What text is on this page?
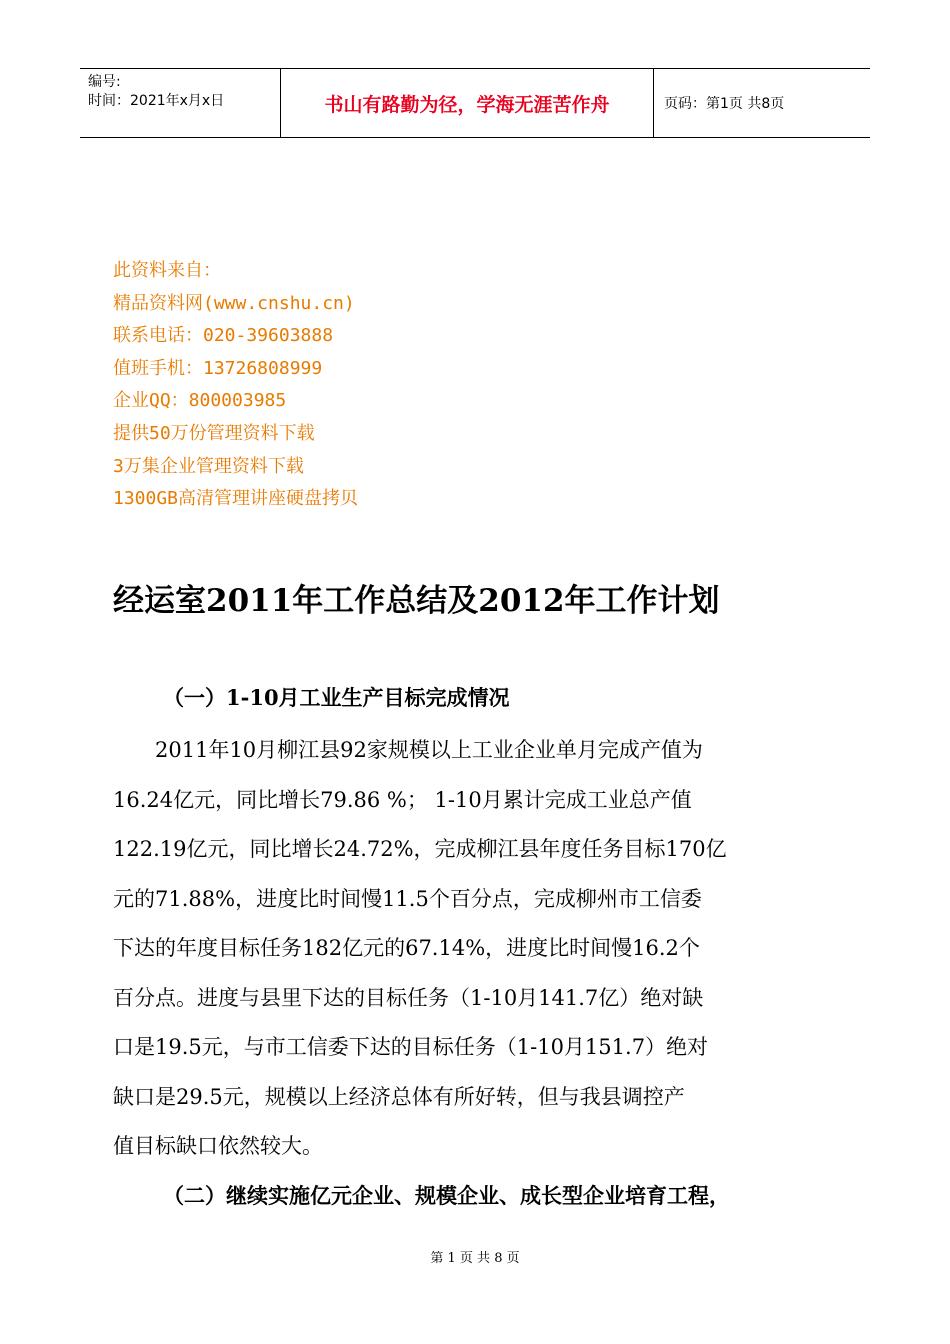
编号:
时间：2021年x月x日	书山有路勤为径，学海无涯苦作舟	页码：第1页 共8页
此资料来自：
精品资料网(www.cnshu.cn)
联系电话：020-39603888
值班手机：13726808999
企业QQ：800003985
提供50万份管理资料下载
3万集企业管理资料下载
1300GB高清管理讲座硬盘拷贝
经运室2011年工作总结及2012年工作计划
（一）1-10月工业生产目标完成情况
　　2011年10月柳江县92家规模以上工业企业单月完成产值为
16.24亿元，同比增长79.86 %； 1-10月累计完成工业总产值
122.19亿元，同比增长24.72%，完成柳江县年度任务目标170亿
元的71.88%，进度比时间慢11.5个百分点，完成柳州市工信委
下达的年度目标任务182亿元的67.14%，进度比时间慢16.2个
百分点。进度与县里下达的目标任务（1-10月141.7亿）绝对缺
口是19.5元，与市工信委下达的目标任务（1-10月151.7）绝对
缺口是29.5元，规模以上经济总体有所好转，但与我县调控产
值目标缺口依然较大。
（二）继续实施亿元企业、规模企业、成长型企业培育工程，
第 1 页 共 8 页
